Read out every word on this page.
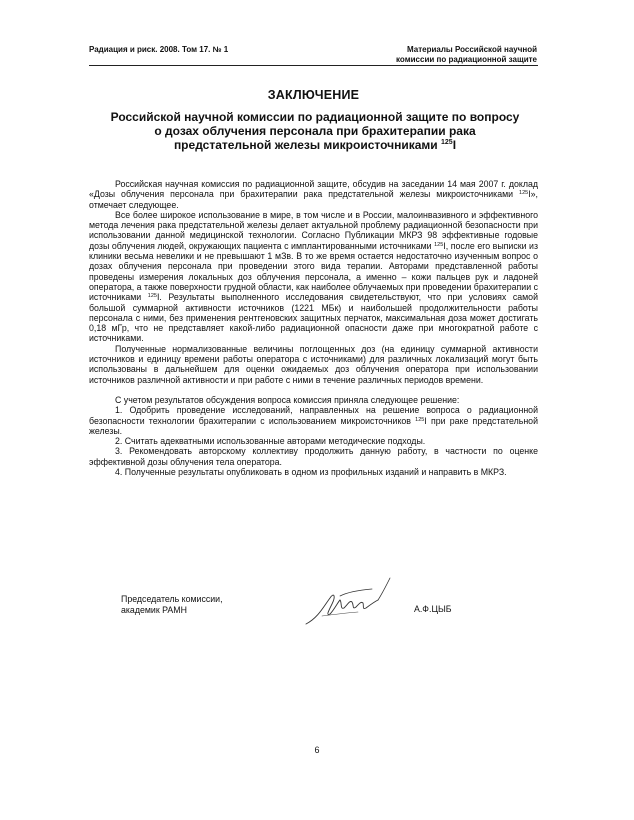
Радиация и риск. 2008. Том 17. № 1	Материалы Российской научной
комиссии по радиационной защите
ЗАКЛЮЧЕНИЕ
Российской научной комиссии по радиационной защите по вопросу
о дозах облучения персонала при брахитерапии рака
предстательной железы микроисточниками $^{125}$I

Российская научная комиссия по радиационной защите, обсудив на заседании 14 мая 2007 г. доклад «Дозы облучения персонала при брахитерапии рака предстательной железы микроисточниками $^{125}$I», отмечает следующее.

Все более широкое использование в мире, в том числе и в России, малоинвазивного и эффективного метода лечения рака предстательной железы делает актуальной проблему радиационной безопасности при использовании данной медицинской технологии. Согласно Публикации МКРЗ 98 эффективные годовые дозы облучения людей, окружающих пациента с имплантированными источниками $^{125}$I, после его выписки из клиники весьма невелики и не превышают 1 мЗв. В то же время остается недостаточно изученным вопрос о дозах облучения персонала при проведении этого вида терапии. Авторами представленной работы проведены измерения локальных доз облучения персонала, а именно – кожи пальцев рук и ладоней оператора, а также поверхности грудной области, как наиболее облучаемых при проведении брахитерапии с источниками $^{125}$I. Результаты выполненного исследования свидетельствуют, что при условиях самой большой суммарной активности источников (1221 МБк) и наибольшей продолжительности работы персонала с ними, без применения рентгеновских защитных перчаток, максимальная доза может достигать 0,18 мГр, что не представляет какой-либо радиационной опасности даже при многократной работе с источниками.

Полученные нормализованные величины поглощенных доз (на единицу суммарной активности источников и единицу времени работы оператора с источниками) для различных локализаций могут быть использованы в дальнейшем для оценки ожидаемых доз облучения оператора при использовании источников различной активности и при работе с ними в течение различных периодов времени.

С учетом результатов обсуждения вопроса комиссия приняла следующее решение:

1. Одобрить проведение исследований, направленных на решение вопроса о радиационной безопасности технологии брахитерапии с использованием микроисточников $^{125}$I при раке предстательной железы.

2. Считать адекватными использованные авторами методические подходы.

3. Рекомендовать авторскому коллективу продолжить данную работу, в частности по оценке эффективной дозы облучения тела оператора.

4. Полученные результаты опубликовать в одном из профильных изданий и направить в МКРЗ.

Председатель комиссии,
академик РАМН	А.Ф.ЦЫБ
6
